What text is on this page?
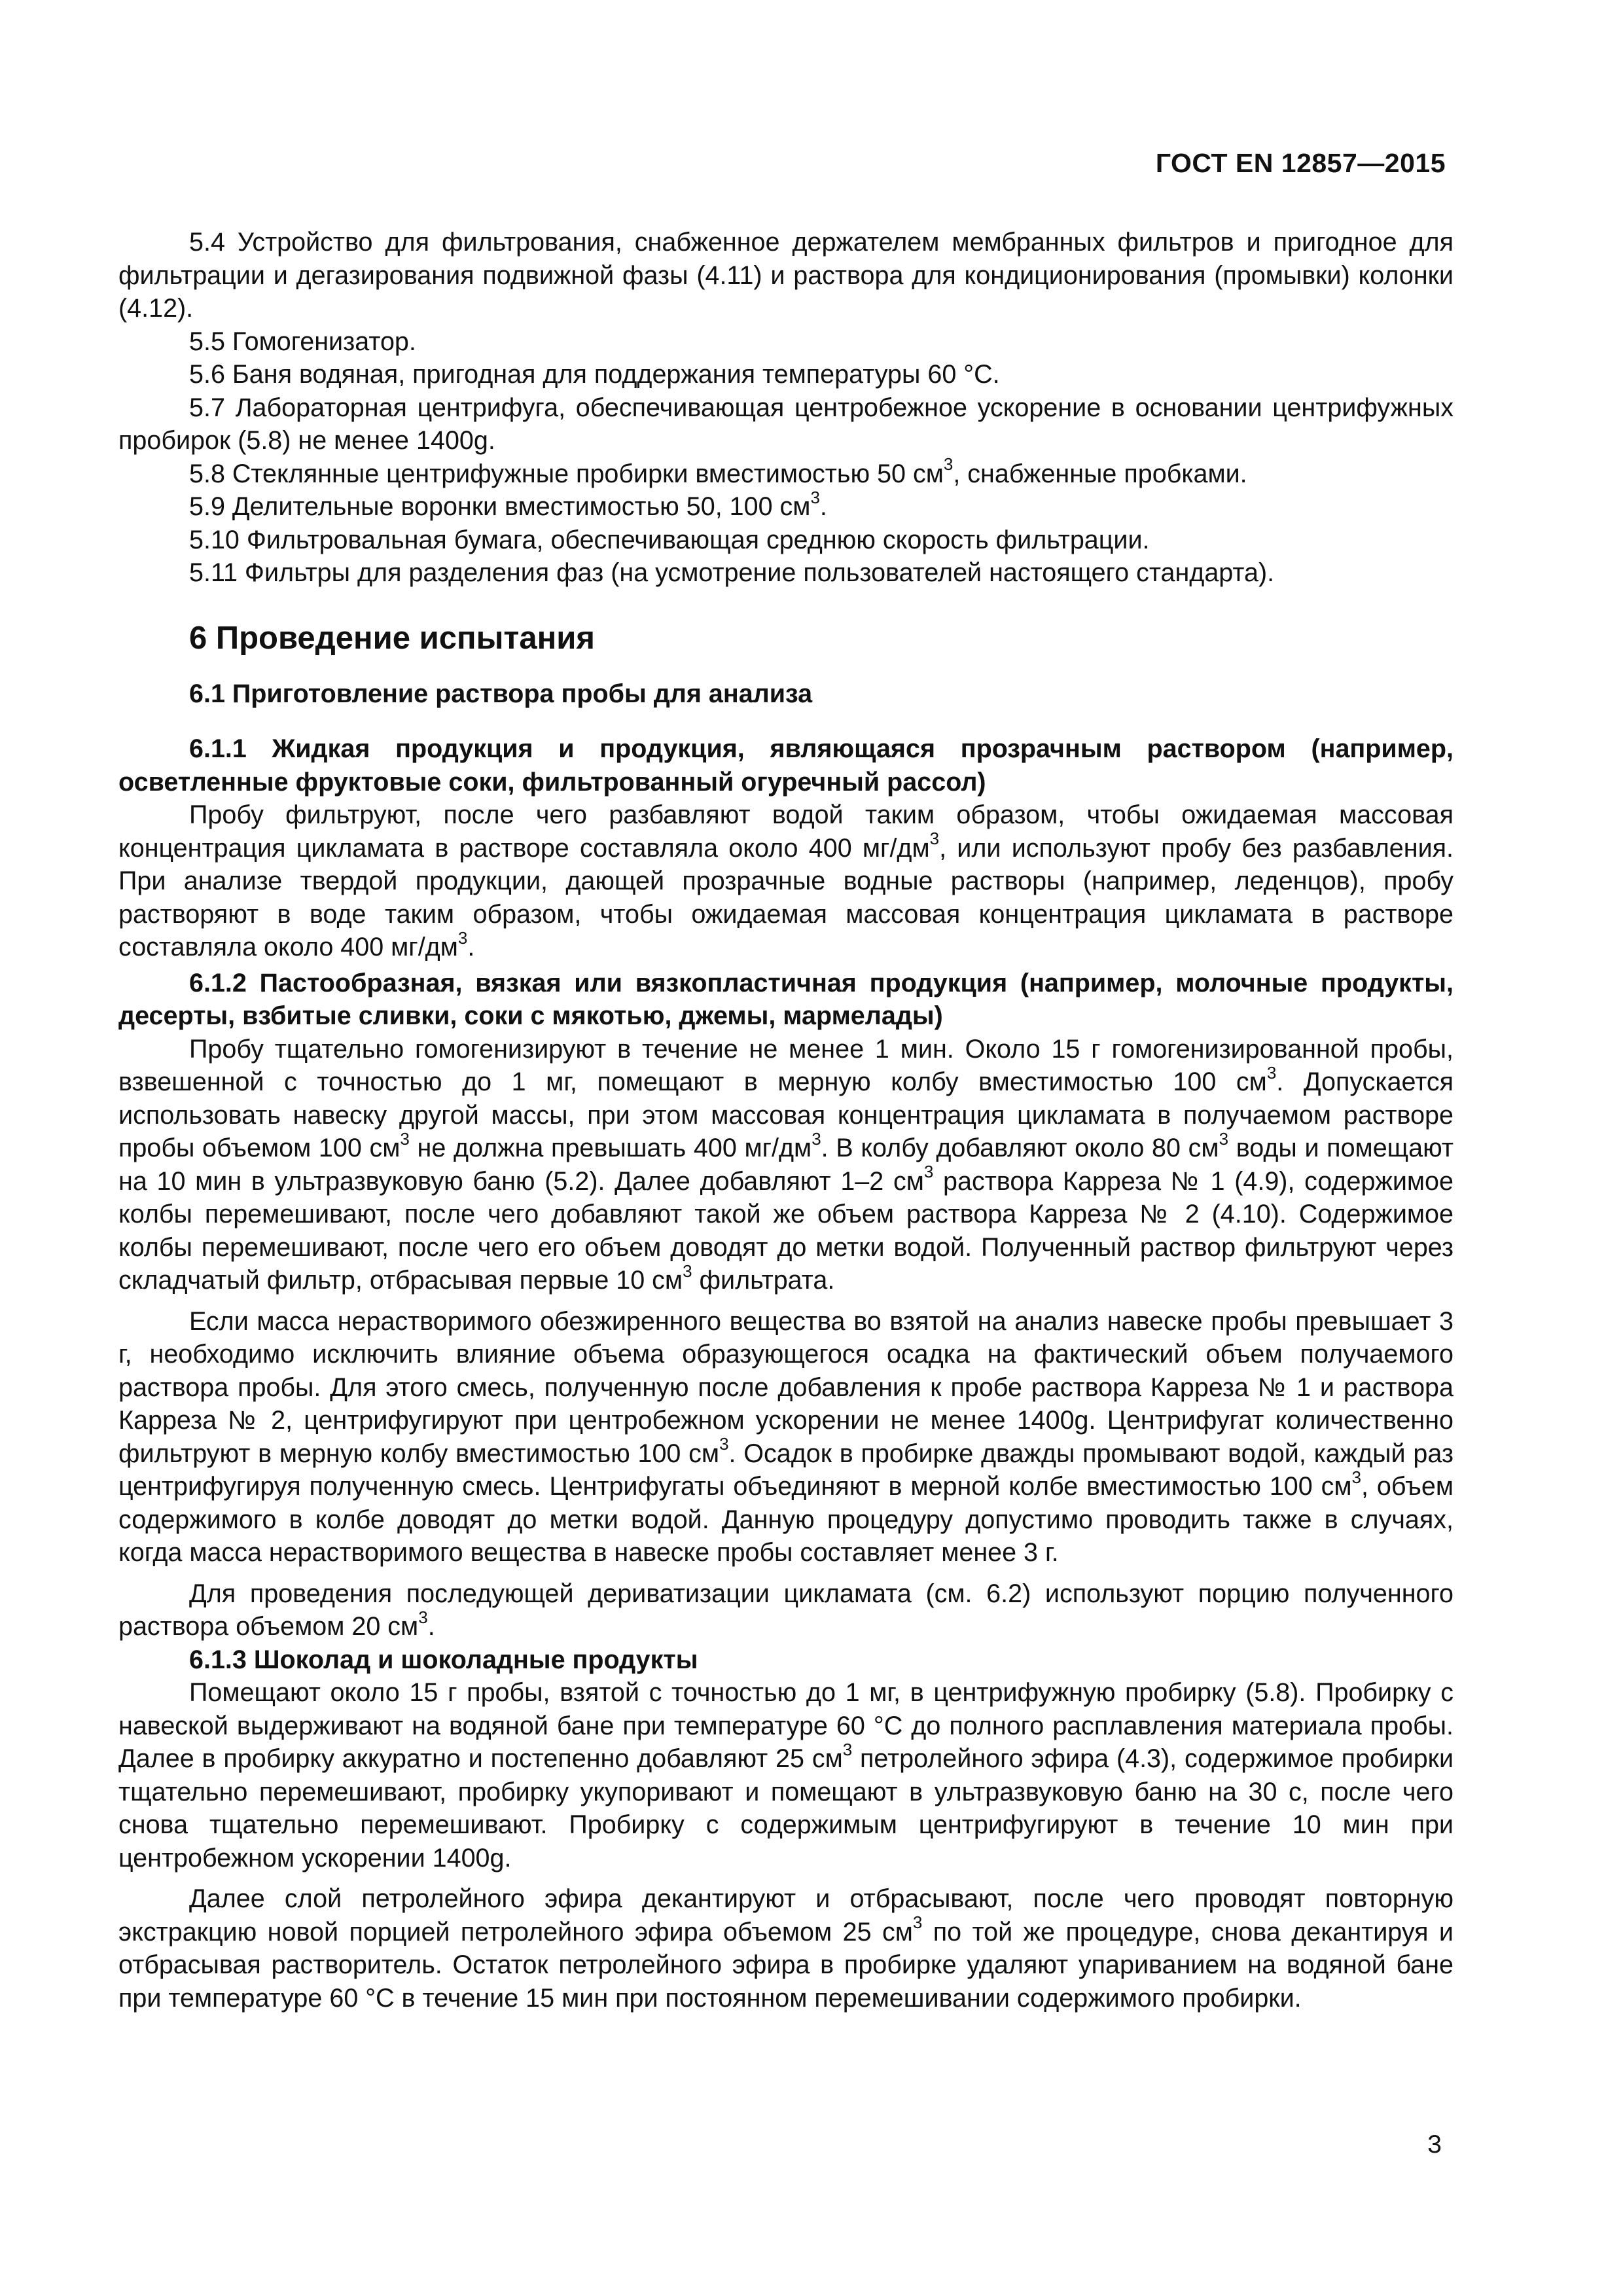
ГОСТ EN 12857—2015

5.4 Устройство для фильтрования, снабженное держателем мембранных фильтров и пригодное для фильтрации и дегазирования подвижной фазы (4.11) и раствора для кондиционирования (промывки) колонки (4.12).

5.5 Гомогенизатор.

5.6 Баня водяная, пригодная для поддержания температуры 60 °C.

5.7 Лабораторная центрифуга, обеспечивающая центробежное ускорение в основании центрифужных пробирок (5.8) не менее 1400g.

5.8 Стеклянные центрифужные пробирки вместимостью 50 $см^3$, снабженные пробками.

5.9 Делительные воронки вместимостью 50, 100 $см^3$.

5.10 Фильтровальная бумага, обеспечивающая среднюю скорость фильтрации.

5.11 Фильтры для разделения фаз (на усмотрение пользователей настоящего стандарта).

6 Проведение испытания

6.1 Приготовление раствора пробы для анализа

6.1.1 Жидкая продукция и продукция, являющаяся прозрачным раствором (например, осветленные фруктовые соки, фильтрованный огуречный рассол)

Пробу фильтруют, после чего разбавляют водой таким образом, чтобы ожидаемая массовая концентрация цикламата в растворе составляла около 400 $мг/дм^3$, или используют пробу без разбавления. При анализе твердой продукции, дающей прозрачные водные растворы (например, леденцов), пробу растворяют в воде таким образом, чтобы ожидаемая массовая концентрация цикламата в растворе составляла около 400 $мг/дм^3$.

6.1.2 Пастообразная, вязкая или вязкопластичная продукция (например, молочные продукты, десерты, взбитые сливки, соки с мякотью, джемы, мармелады)

Пробу тщательно гомогенизируют в течение не менее 1 мин. Около 15 г гомогенизированной пробы, взвешенной с точностью до 1 мг, помещают в мерную колбу вместимостью 100 $см^3$. Допускается использовать навеску другой массы, при этом массовая концентрация цикламата в получаемом растворе пробы объемом 100 $см^3$ не должна превышать 400 $мг/дм^3$. В колбу добавляют около 80 $см^3$ воды и помещают на 10 мин в ультразвуковую баню (5.2). Далее добавляют 1–2 $см^3$ раствора Карреза № 1 (4.9), содержимое колбы перемешивают, после чего добавляют такой же объем раствора Карреза № 2 (4.10). Содержимое колбы перемешивают, после чего его объем доводят до метки водой. Полученный раствор фильтруют через складчатый фильтр, отбрасывая первые 10 $см^3$ фильтрата.

Если масса нерастворимого обезжиренного вещества во взятой на анализ навеске пробы превышает 3 г, необходимо исключить влияние объема образующегося осадка на фактический объем получаемого раствора пробы. Для этого смесь, полученную после добавления к пробе раствора Карреза № 1 и раствора Карреза № 2, центрифугируют при центробежном ускорении не менее 1400g. Центрифугат количественно фильтруют в мерную колбу вместимостью 100 $см^3$. Осадок в пробирке дважды промывают водой, каждый раз центрифугируя полученную смесь. Центрифугаты объединяют в мерной колбе вместимостью 100 $см^3$, объем содержимого в колбе доводят до метки водой. Данную процедуру допустимо проводить также в случаях, когда масса нерастворимого вещества в навеске пробы составляет менее 3 г.

Для проведения последующей дериватизации цикламата (см. 6.2) используют порцию полученного раствора объемом 20 $см^3$.

6.1.3 Шоколад и шоколадные продукты

Помещают около 15 г пробы, взятой с точностью до 1 мг, в центрифужную пробирку (5.8). Пробирку с навеской выдерживают на водяной бане при температуре 60 °C до полного расплавления материала пробы. Далее в пробирку аккуратно и постепенно добавляют 25 $см^3$ петролейного эфира (4.3), содержимое пробирки тщательно перемешивают, пробирку укупоривают и помещают в ультразвуковую баню на 30 с, после чего снова тщательно перемешивают. Пробирку с содержимым центрифугируют в течение 10 мин при центробежном ускорении 1400g.

Далее слой петролейного эфира декантируют и отбрасывают, после чего проводят повторную экстракцию новой порцией петролейного эфира объемом 25 $см^3$ по той же процедуре, снова декантируя и отбрасывая растворитель. Остаток петролейного эфира в пробирке удаляют упариванием на водяной бане при температуре 60 °C в течение 15 мин при постоянном перемешивании содержимого пробирки.

3
